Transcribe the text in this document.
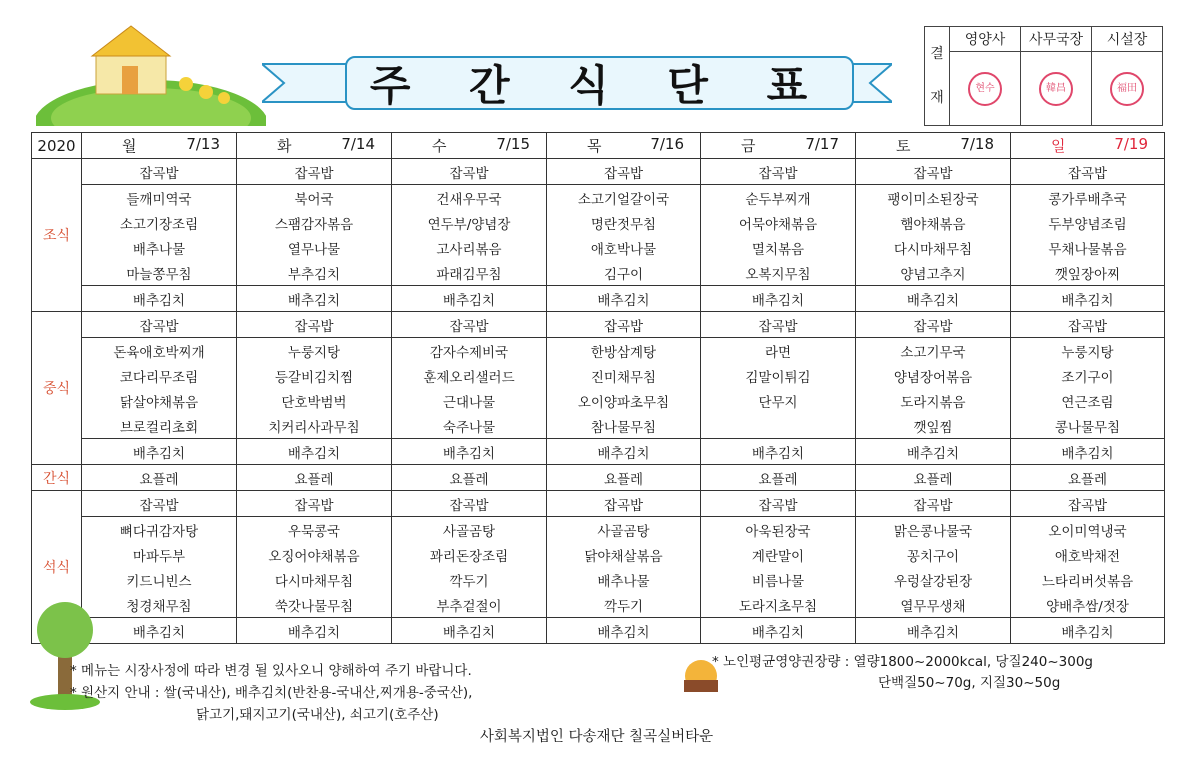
주 간 식 단 표
결
재	영양사	사무국장	시설장
	현수	韓昌	福田
2020	월 7/13	화 7/14	수 7/15	목 7/16	금 7/17	토 7/18	일 7/19

조식	잡곡밥	잡곡밥	잡곡밥	잡곡밥	잡곡밥	잡곡밥	잡곡밥
	들깨미역국	북어국	건새우무국	소고기얼갈이국	순두부찌개	팽이미소된장국	콩가루배추국
	소고기장조림	스팸감자볶음	연두부/양념장	명란젓무침	어묵야채볶음	햄야채볶음	두부양념조림
	배추나물	열무나물	고사리볶음	애호박나물	멸치볶음	다시마채무침	무채나물볶음
	마늘쫑무침	부추김치	파래김무침	김구이	오복지무침	양념고추지	깻잎장아찌
	배추김치	배추김치	배추김치	배추김치	배추김치	배추김치	배추김치
중식	잡곡밥	잡곡밥	잡곡밥	잡곡밥	잡곡밥	잡곡밥	잡곡밥
	돈육애호박찌개	누룽지탕	감자수제비국	한방삼계탕	라면	소고기무국	누룽지탕
	코다리무조림	등갈비김치찜	훈제오리샐러드	진미채무침	김말이튀김	양념장어볶음	조기구이
	닭살야채볶음	단호박범벅	근대나물	오이양파초무침	단무지	도라지볶음	연근조림
	브로컬리초회	치커리사과무침	숙주나물	참나물무침		깻잎찜	콩나물무침
	배추김치	배추김치	배추김치	배추김치	배추김치	배추김치	배추김치
간식	요플레	요플레	요플레	요플레	요플레	요플레	요플레
석식	잡곡밥	잡곡밥	잡곡밥	잡곡밥	잡곡밥	잡곡밥	잡곡밥
	뼈다귀감자탕	우묵콩국	사골곰탕	사골곰탕	아욱된장국	맑은콩나물국	오이미역냉국
	마파두부	오징어야채볶음	꽈리돈장조림	닭야채살볶음	계란말이	꽁치구이	애호박채전
	키드니빈스	다시마채무침	깍두기	배추나물	비름나물	우렁살강된장	느타리버섯볶음
	청경채무침	쑥갓나물무침	부추겉절이	깍두기	도라지초무침	열무무생채	양배추쌈/젓장
	배추김치	배추김치	배추김치	배추김치	배추김치	배추김치	배추김치
* 메뉴는 시장사정에 따라 변경 될 있사오니 양해하여 주기 바랍니다.
* 원산지 안내 : 쌀(국내산), 배추김치(반찬용-국내산,찌개용-중국산),
닭고기,돼지고기(국내산), 쇠고기(호주산)
* 노인평균영양권장량 : 열량1800~2000kcal, 당질240~300g
단백질50~70g, 지질30~50g
사회복지법인 다송재단 칠곡실버타운
